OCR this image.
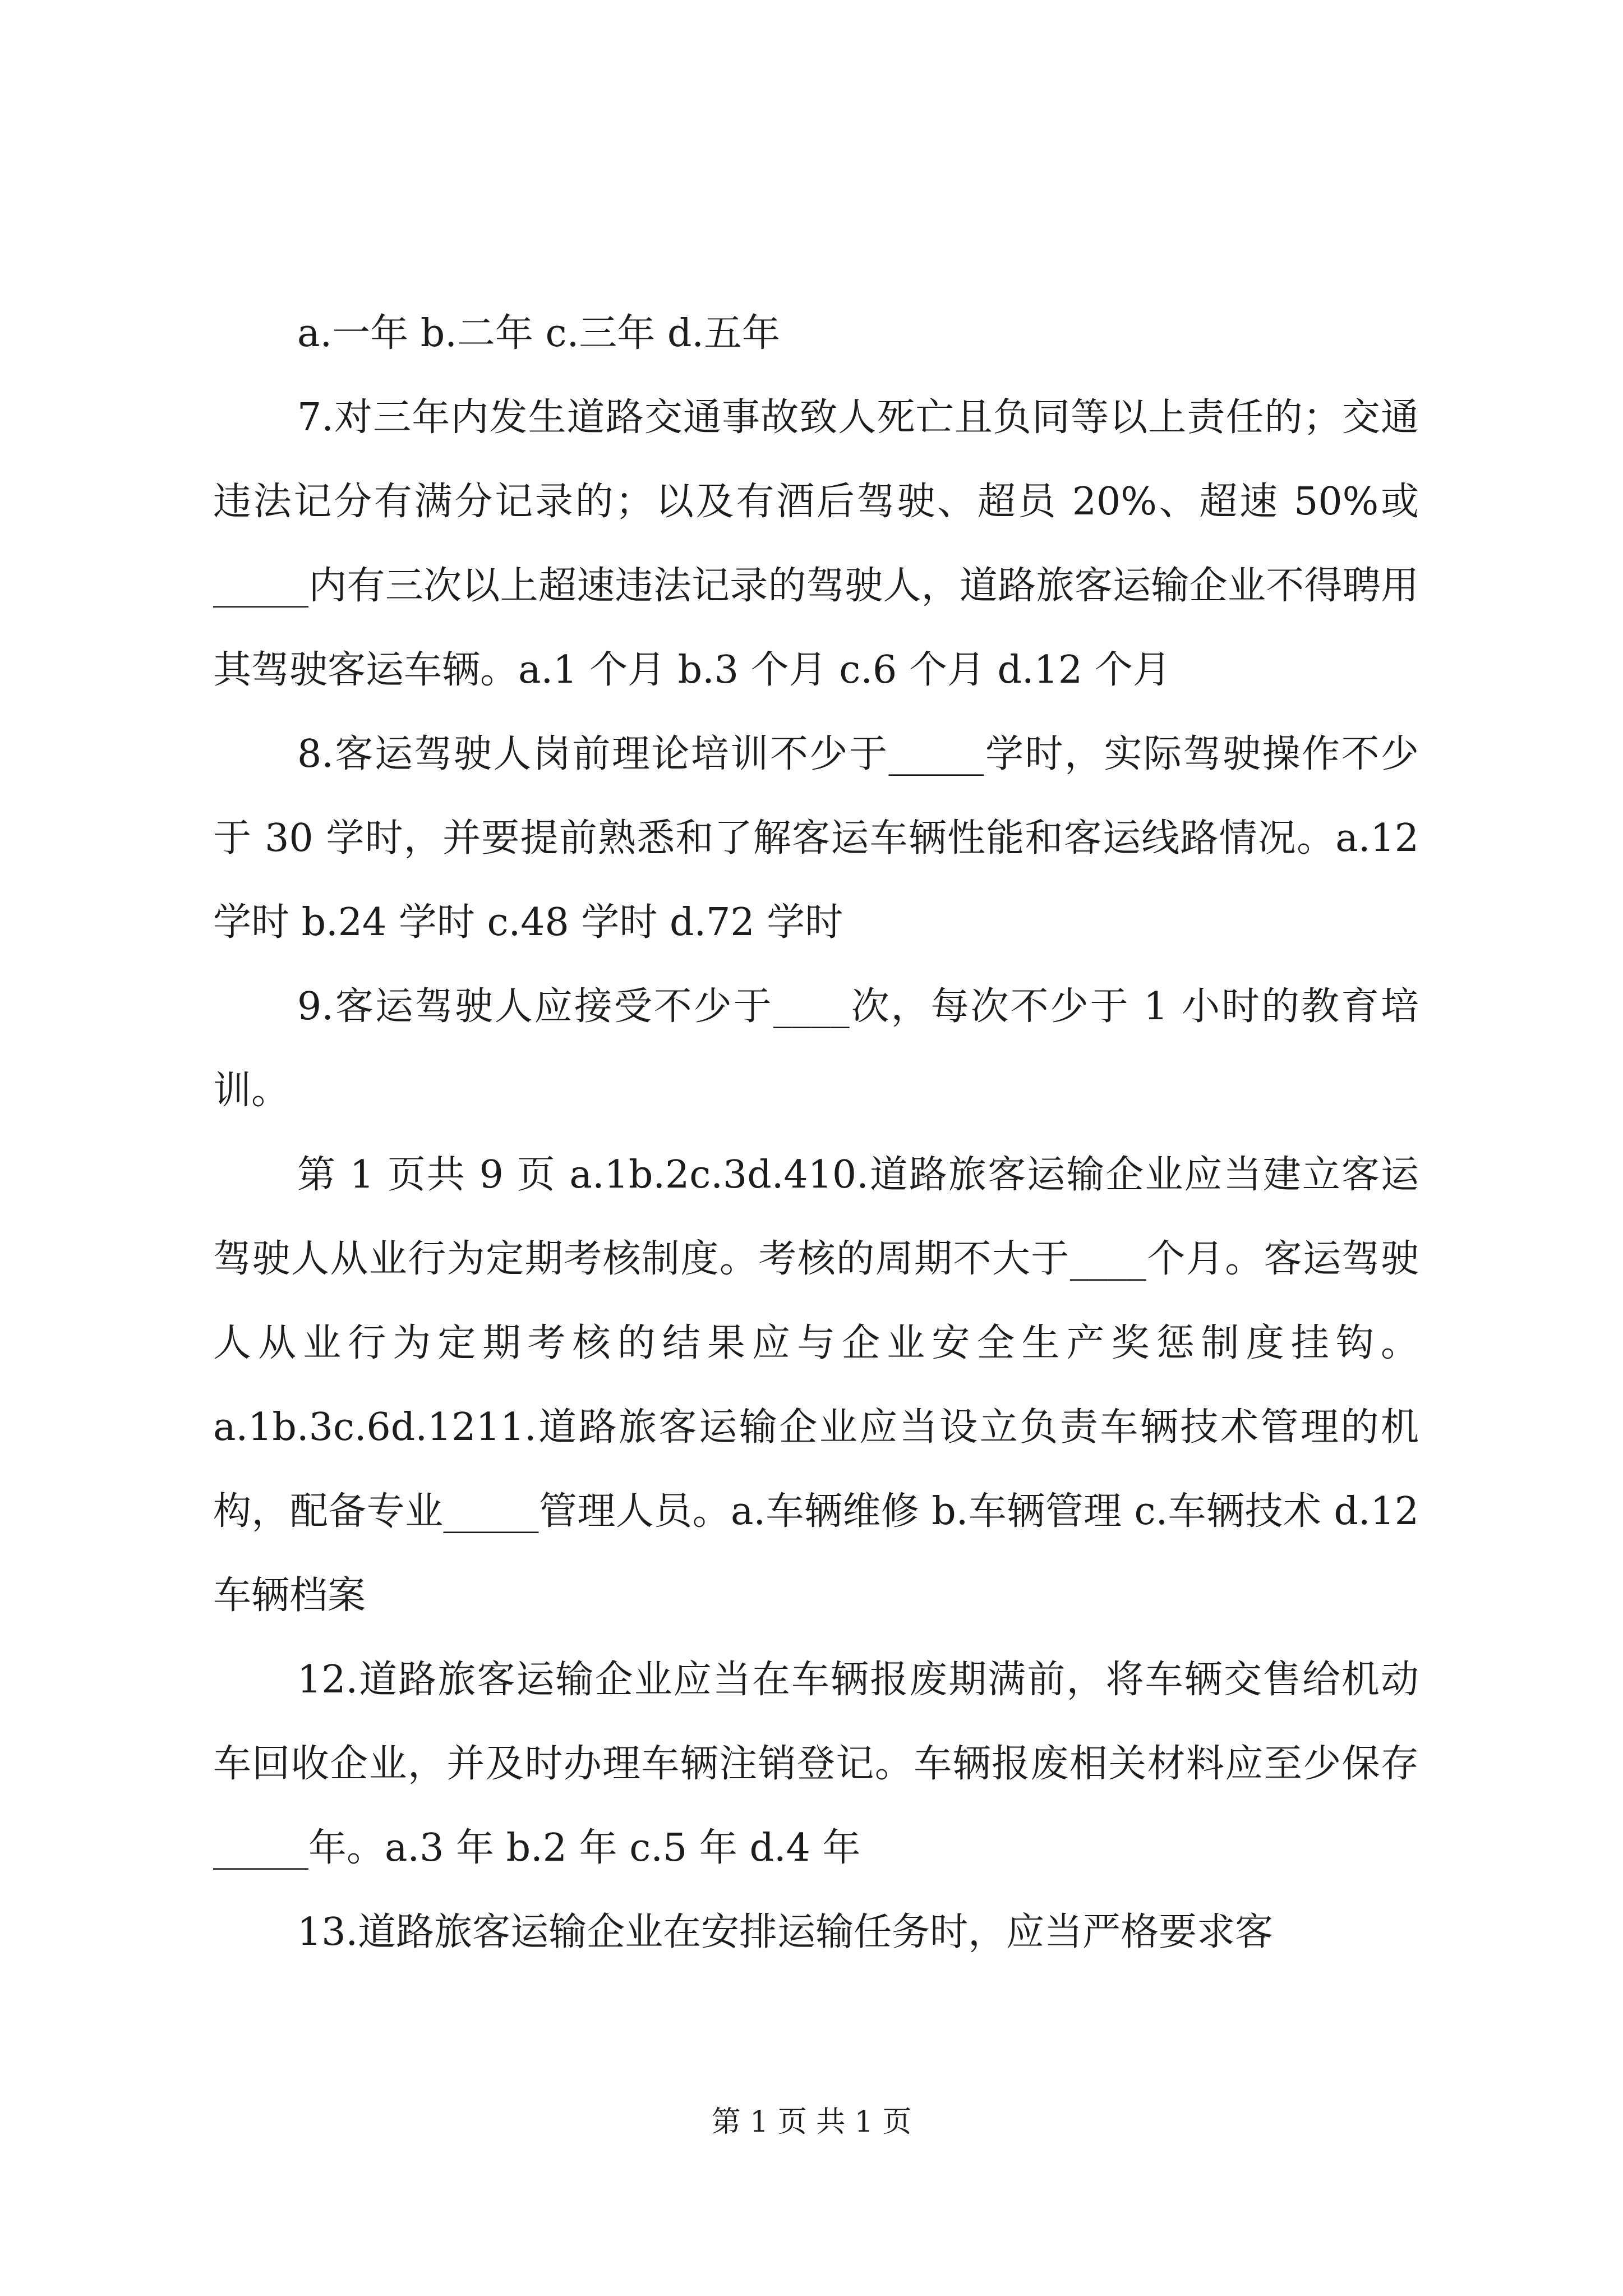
a.一年 b.二年 c.三年 d.五年

7.对三年内发生道路交通事故致人死亡且负同等以上责任的；交通违法记分有满分记录的；以及有酒后驾驶、超员 20%、超速 50%或_____内有三次以上超速违法记录的驾驶人，道路旅客运输企业不得聘用其驾驶客运车辆。a.1 个月 b.3 个月 c.6 个月 d.12 个月

8.客运驾驶人岗前理论培训不少于_____学时，实际驾驶操作不少于 30 学时，并要提前熟悉和了解客运车辆性能和客运线路情况。a.12 学时 b.24 学时 c.48 学时 d.72 学时

9.客运驾驶人应接受不少于____次，每次不少于 1 小时的教育培训。

第 1 页共 9 页 a.1b.2c.3d.410.道路旅客运输企业应当建立客运驾驶人从业行为定期考核制度。考核的周期不大于____个月。客运驾驶人从业行为定期考核的结果应与企业安全生产奖惩制度挂钩。a.1b.3c.6d.1211.道路旅客运输企业应当设立负责车辆技术管理的机构，配备专业_____管理人员。a.车辆维修 b.车辆管理 c.车辆技术 d.12 车辆档案

12.道路旅客运输企业应当在车辆报废期满前，将车辆交售给机动车回收企业，并及时办理车辆注销登记。车辆报废相关材料应至少保存_____年。a.3 年 b.2 年 c.5 年 d.4 年

13.道路旅客运输企业在安排运输任务时，应当严格要求客

第 1 页 共 1 页
